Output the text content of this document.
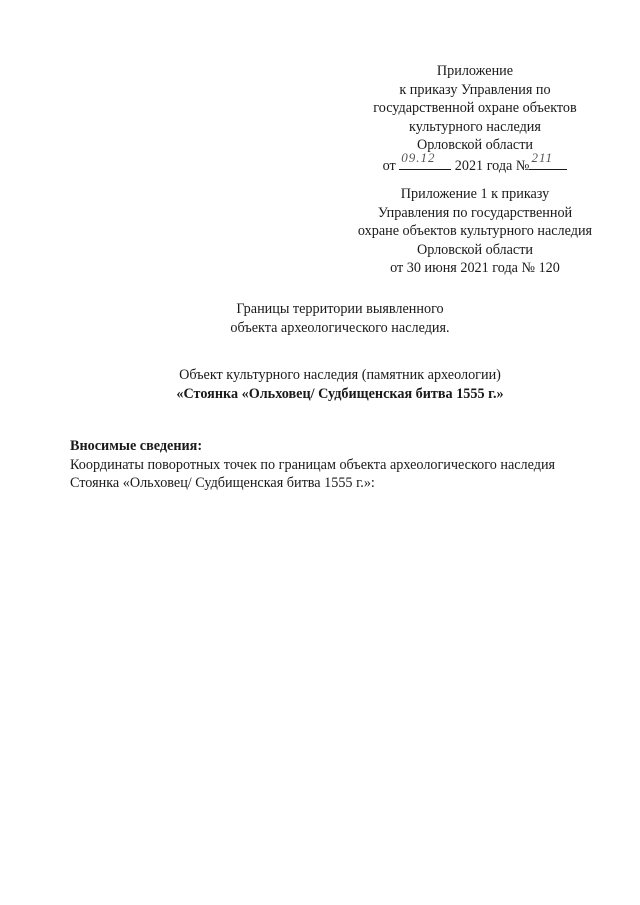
Приложение
к приказу Управления по
государственной охране объектов
культурного наследия
Орловской области
от 09.12 2021 года № 211
Приложение 1 к приказу
Управления по государственной
охране объектов культурного наследия
Орловской области
от 30 июня 2021 года № 120
Границы территории выявленного
объекта археологического наследия.
Объект культурного наследия (памятник археологии)
«Стоянка «Ольховец/ Судбищенская битва 1555 г.»
Вносимые сведения:
Координаты поворотных точек по границам объекта археологического наследия
Стоянка «Ольховец/ Судбищенская битва 1555 г.»:
